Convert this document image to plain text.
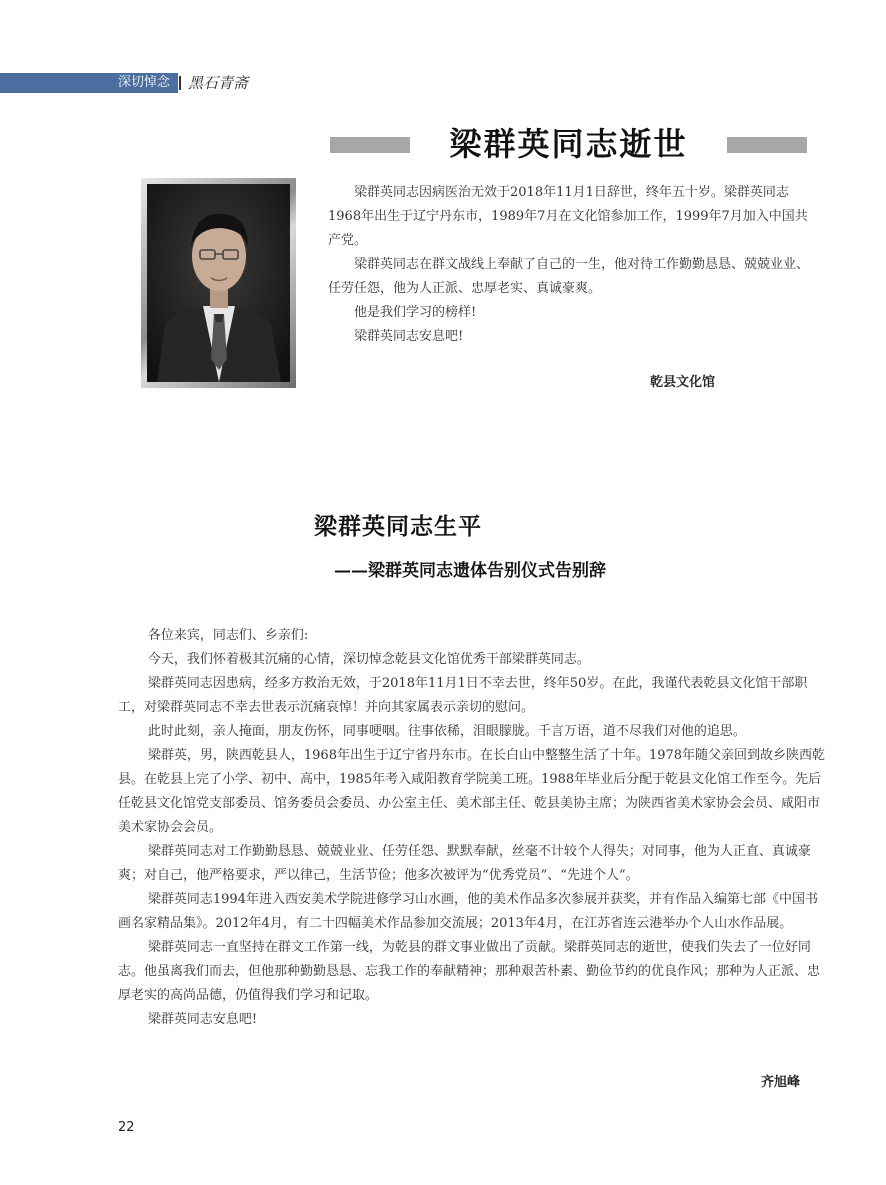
深切悼念 黑石青斋
梁群英同志逝世

梁群英同志因病医治无效于2018年11月1日辞世，终年五十岁。梁群英同志1968年出生于辽宁丹东市，1989年7月在文化馆参加工作，1999年7月加入中国共产党。

梁群英同志在群文战线上奉献了自己的一生，他对待工作勤勤恳恳、兢兢业业、任劳任怨，他为人正派、忠厚老实、真诚豪爽。

他是我们学习的榜样!

梁群英同志安息吧!

乾县文化馆
梁群英同志生平
——梁群英同志遗体告别仪式告别辞

各位来宾，同志们、乡亲们:

今天，我们怀着极其沉痛的心情，深切悼念乾县文化馆优秀干部梁群英同志。

梁群英同志因患病，经多方救治无效，于2018年11月1日不幸去世，终年50岁。在此，我谨代表乾县文化馆干部职工，对梁群英同志不幸去世表示沉痛哀悼！并向其家属表示亲切的慰问。

此时此刻，亲人掩面，朋友伤怀，同事哽咽。往事依稀，泪眼朦胧。千言万语，道不尽我们对他的追思。

梁群英，男，陕西乾县人，1968年出生于辽宁省丹东市。在长白山中整整生活了十年。1978年随父亲回到故乡陕西乾县。在乾县上完了小学、初中、高中，1985年考入咸阳教育学院美工班。1988年毕业后分配于乾县文化馆工作至今。先后任乾县文化馆党支部委员、馆务委员会委员、办公室主任、美术部主任、乾县美协主席；为陕西省美术家协会会员、咸阳市美术家协会会员。

梁群英同志对工作勤勤恳恳、兢兢业业、任劳任怨、默默奉献，丝毫不计较个人得失；对同事，他为人正直、真诚豪爽；对自己，他严格要求，严以律己，生活节俭；他多次被评为“优秀党员”、“先进个人”。

梁群英同志1994年进入西安美术学院进修学习山水画，他的美术作品多次参展并获奖，并有作品入编第七部《中国书画名家精品集》。2012年4月，有二十四幅美术作品参加交流展；2013年4月，在江苏省连云港举办个人山水作品展。

梁群英同志一直坚持在群文工作第一线，为乾县的群文事业做出了贡献。梁群英同志的逝世，使我们失去了一位好同志。他虽离我们而去，但他那种勤勤恳恳、忘我工作的奉献精神；那种艰苦朴素、勤俭节约的优良作风；那种为人正派、忠厚老实的高尚品德，仍值得我们学习和记取。

梁群英同志安息吧!

齐旭峰
22
